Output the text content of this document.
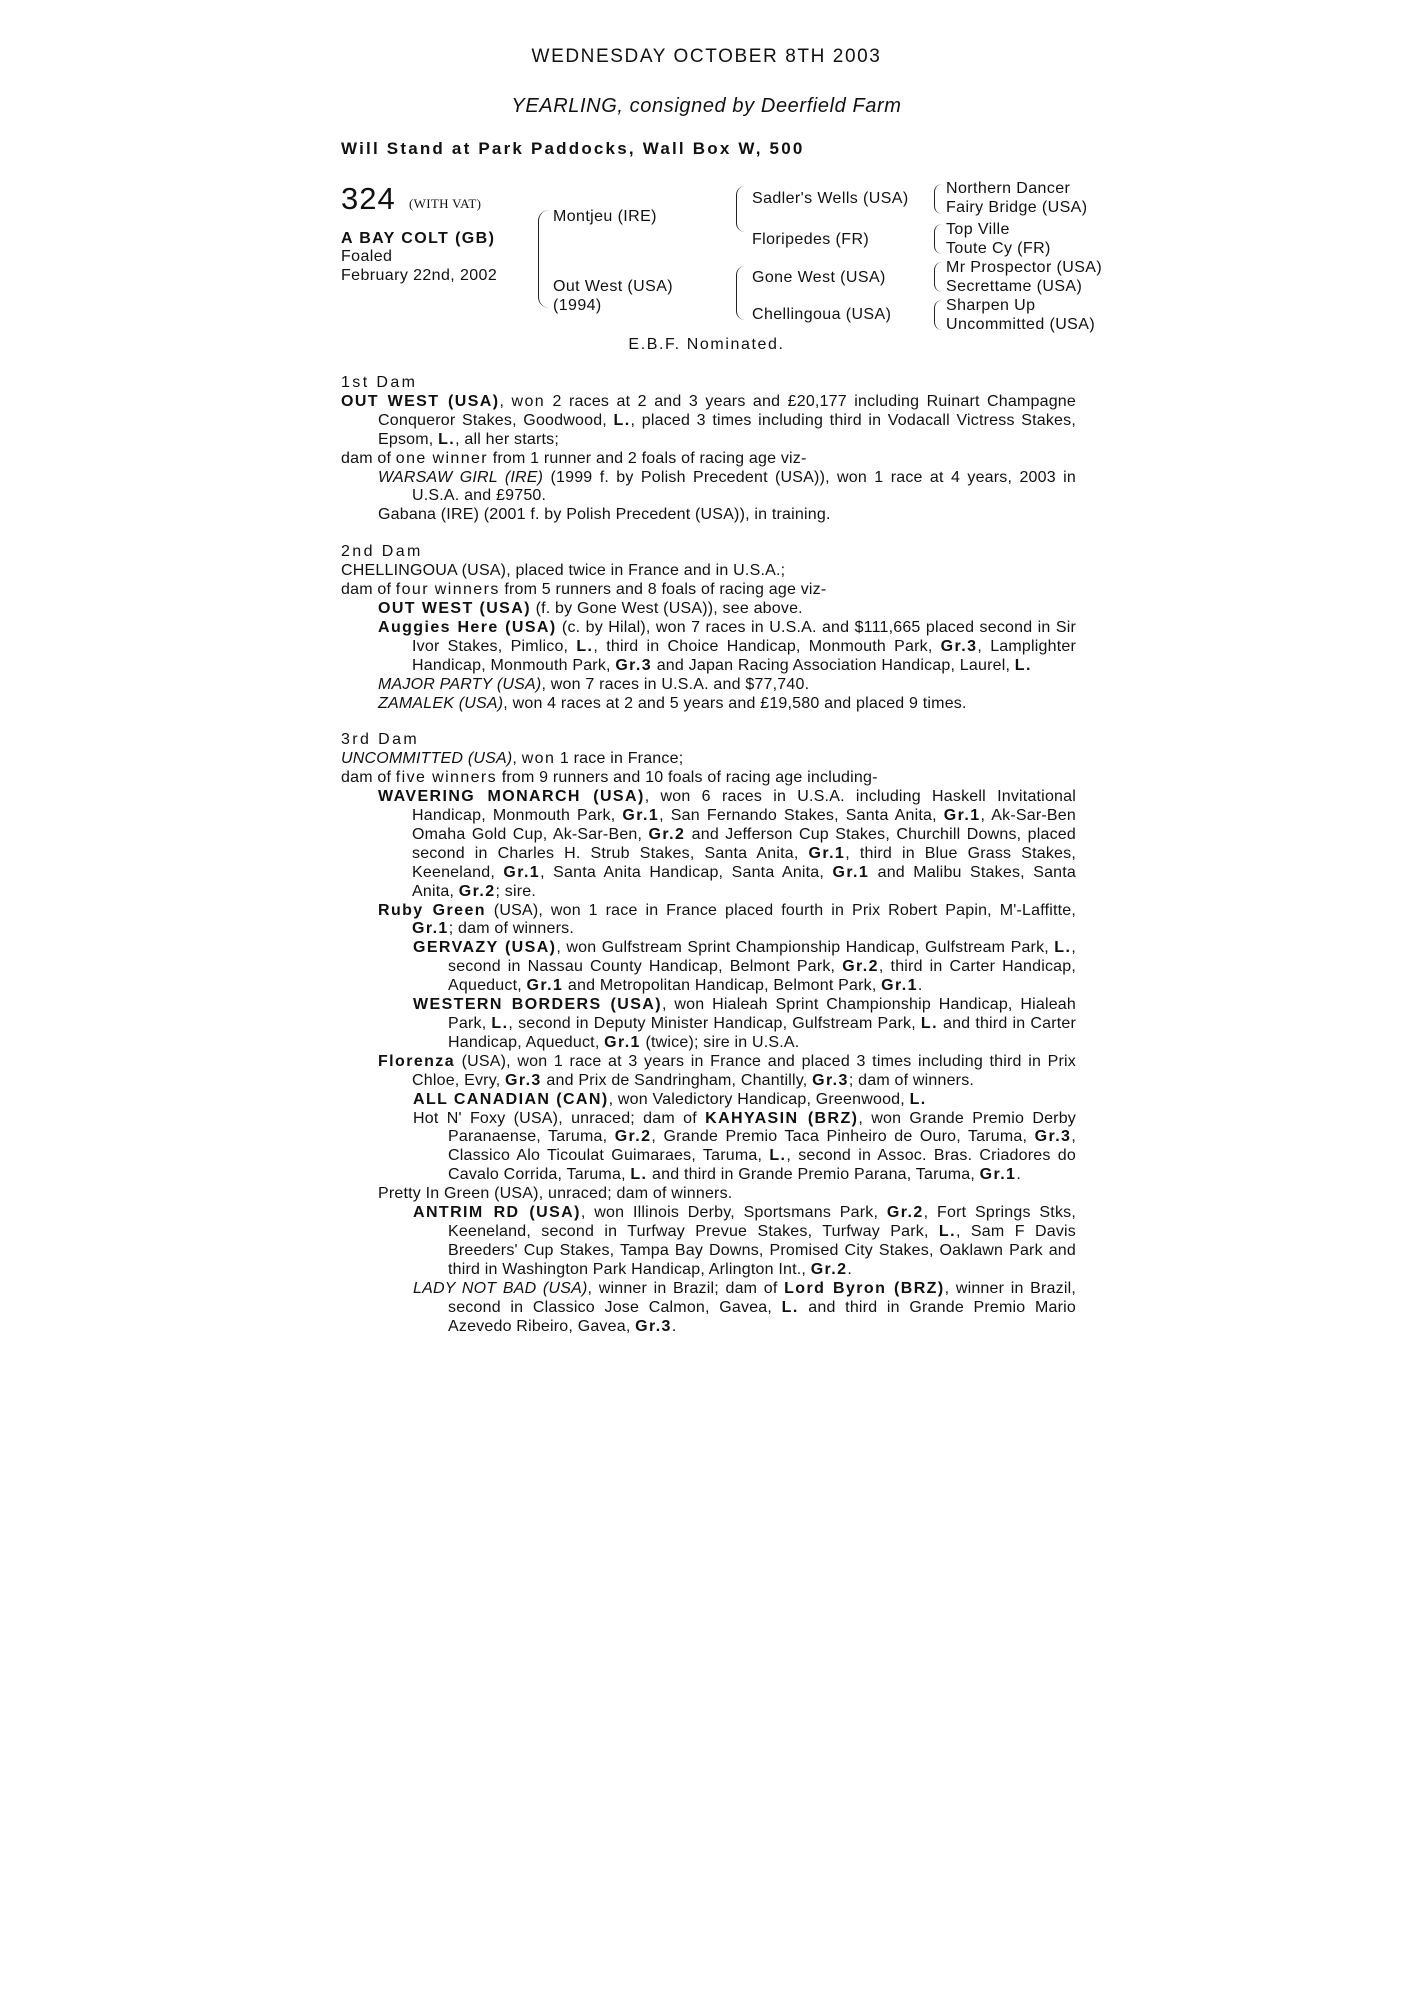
WEDNESDAY OCTOBER 8TH 2003
YEARLING, consigned by Deerfield Farm
Will Stand at Park Paddocks, Wall Box W, 500
324 (WITH VAT)
A BAY COLT (GB)
Foaled
February 22nd, 2002
Montjeu (IRE)
Out West (USA)
(1994)
Sadler's Wells (USA)
Floripedes (FR)
Gone West (USA)
Chellingoua (USA)
Northern Dancer
Fairy Bridge (USA)
Top Ville
Toute Cy (FR)
Mr Prospector (USA)
Secrettame (USA)
Sharpen Up
Uncommitted (USA)
E.B.F. Nominated.

1st Dam

OUT WEST (USA), won 2 races at 2 and 3 years and £20,177 including Ruinart Champagne Conqueror Stakes, Goodwood, L., placed 3 times including third in Vodacall Victress Stakes, Epsom, L., all her starts;

dam of one winner from 1 runner and 2 foals of racing age viz-

WARSAW GIRL (IRE) (1999 f. by Polish Precedent (USA)), won 1 race at 4 years, 2003 in U.S.A. and £9750.

Gabana (IRE) (2001 f. by Polish Precedent (USA)), in training.

2nd Dam

CHELLINGOUA (USA), placed twice in France and in U.S.A.;

dam of four winners from 5 runners and 8 foals of racing age viz-

OUT WEST (USA) (f. by Gone West (USA)), see above.

Auggies Here (USA) (c. by Hilal), won 7 races in U.S.A. and $111,665 placed second in Sir Ivor Stakes, Pimlico, L., third in Choice Handicap, Monmouth Park, Gr.3, Lamplighter Handicap, Monmouth Park, Gr.3 and Japan Racing Association Handicap, Laurel, L.

MAJOR PARTY (USA), won 7 races in U.S.A. and $77,740.

ZAMALEK (USA), won 4 races at 2 and 5 years and £19,580 and placed 9 times.

3rd Dam

UNCOMMITTED (USA), won 1 race in France;

dam of five winners from 9 runners and 10 foals of racing age including-

WAVERING MONARCH (USA), won 6 races in U.S.A. including Haskell Invitational Handicap, Monmouth Park, Gr.1, San Fernando Stakes, Santa Anita, Gr.1, Ak-Sar-Ben Omaha Gold Cup, Ak-Sar-Ben, Gr.2 and Jefferson Cup Stakes, Churchill Downs, placed second in Charles H. Strub Stakes, Santa Anita, Gr.1, third in Blue Grass Stakes, Keeneland, Gr.1, Santa Anita Handicap, Santa Anita, Gr.1 and Malibu Stakes, Santa Anita, Gr.2; sire.

Ruby Green (USA), won 1 race in France placed fourth in Prix Robert Papin, M'-Laffitte, Gr.1; dam of winners.

GERVAZY (USA), won Gulfstream Sprint Championship Handicap, Gulfstream Park, L., second in Nassau County Handicap, Belmont Park, Gr.2, third in Carter Handicap, Aqueduct, Gr.1 and Metropolitan Handicap, Belmont Park, Gr.1.

WESTERN BORDERS (USA), won Hialeah Sprint Championship Handicap, Hialeah Park, L., second in Deputy Minister Handicap, Gulfstream Park, L. and third in Carter Handicap, Aqueduct, Gr.1 (twice); sire in U.S.A.

Florenza (USA), won 1 race at 3 years in France and placed 3 times including third in Prix Chloe, Evry, Gr.3 and Prix de Sandringham, Chantilly, Gr.3; dam of winners.

ALL CANADIAN (CAN), won Valedictory Handicap, Greenwood, L.

Hot N' Foxy (USA), unraced; dam of KAHYASIN (BRZ), won Grande Premio Derby Paranaense, Taruma, Gr.2, Grande Premio Taca Pinheiro de Ouro, Taruma, Gr.3, Classico Alo Ticoulat Guimaraes, Taruma, L., second in Assoc. Bras. Criadores do Cavalo Corrida, Taruma, L. and third in Grande Premio Parana, Taruma, Gr.1.

Pretty In Green (USA), unraced; dam of winners.

ANTRIM RD (USA), won Illinois Derby, Sportsmans Park, Gr.2, Fort Springs Stks, Keeneland, second in Turfway Prevue Stakes, Turfway Park, L., Sam F Davis Breeders' Cup Stakes, Tampa Bay Downs, Promised City Stakes, Oaklawn Park and third in Washington Park Handicap, Arlington Int., Gr.2.

LADY NOT BAD (USA), winner in Brazil; dam of Lord Byron (BRZ), winner in Brazil, second in Classico Jose Calmon, Gavea, L. and third in Grande Premio Mario Azevedo Ribeiro, Gavea, Gr.3.
